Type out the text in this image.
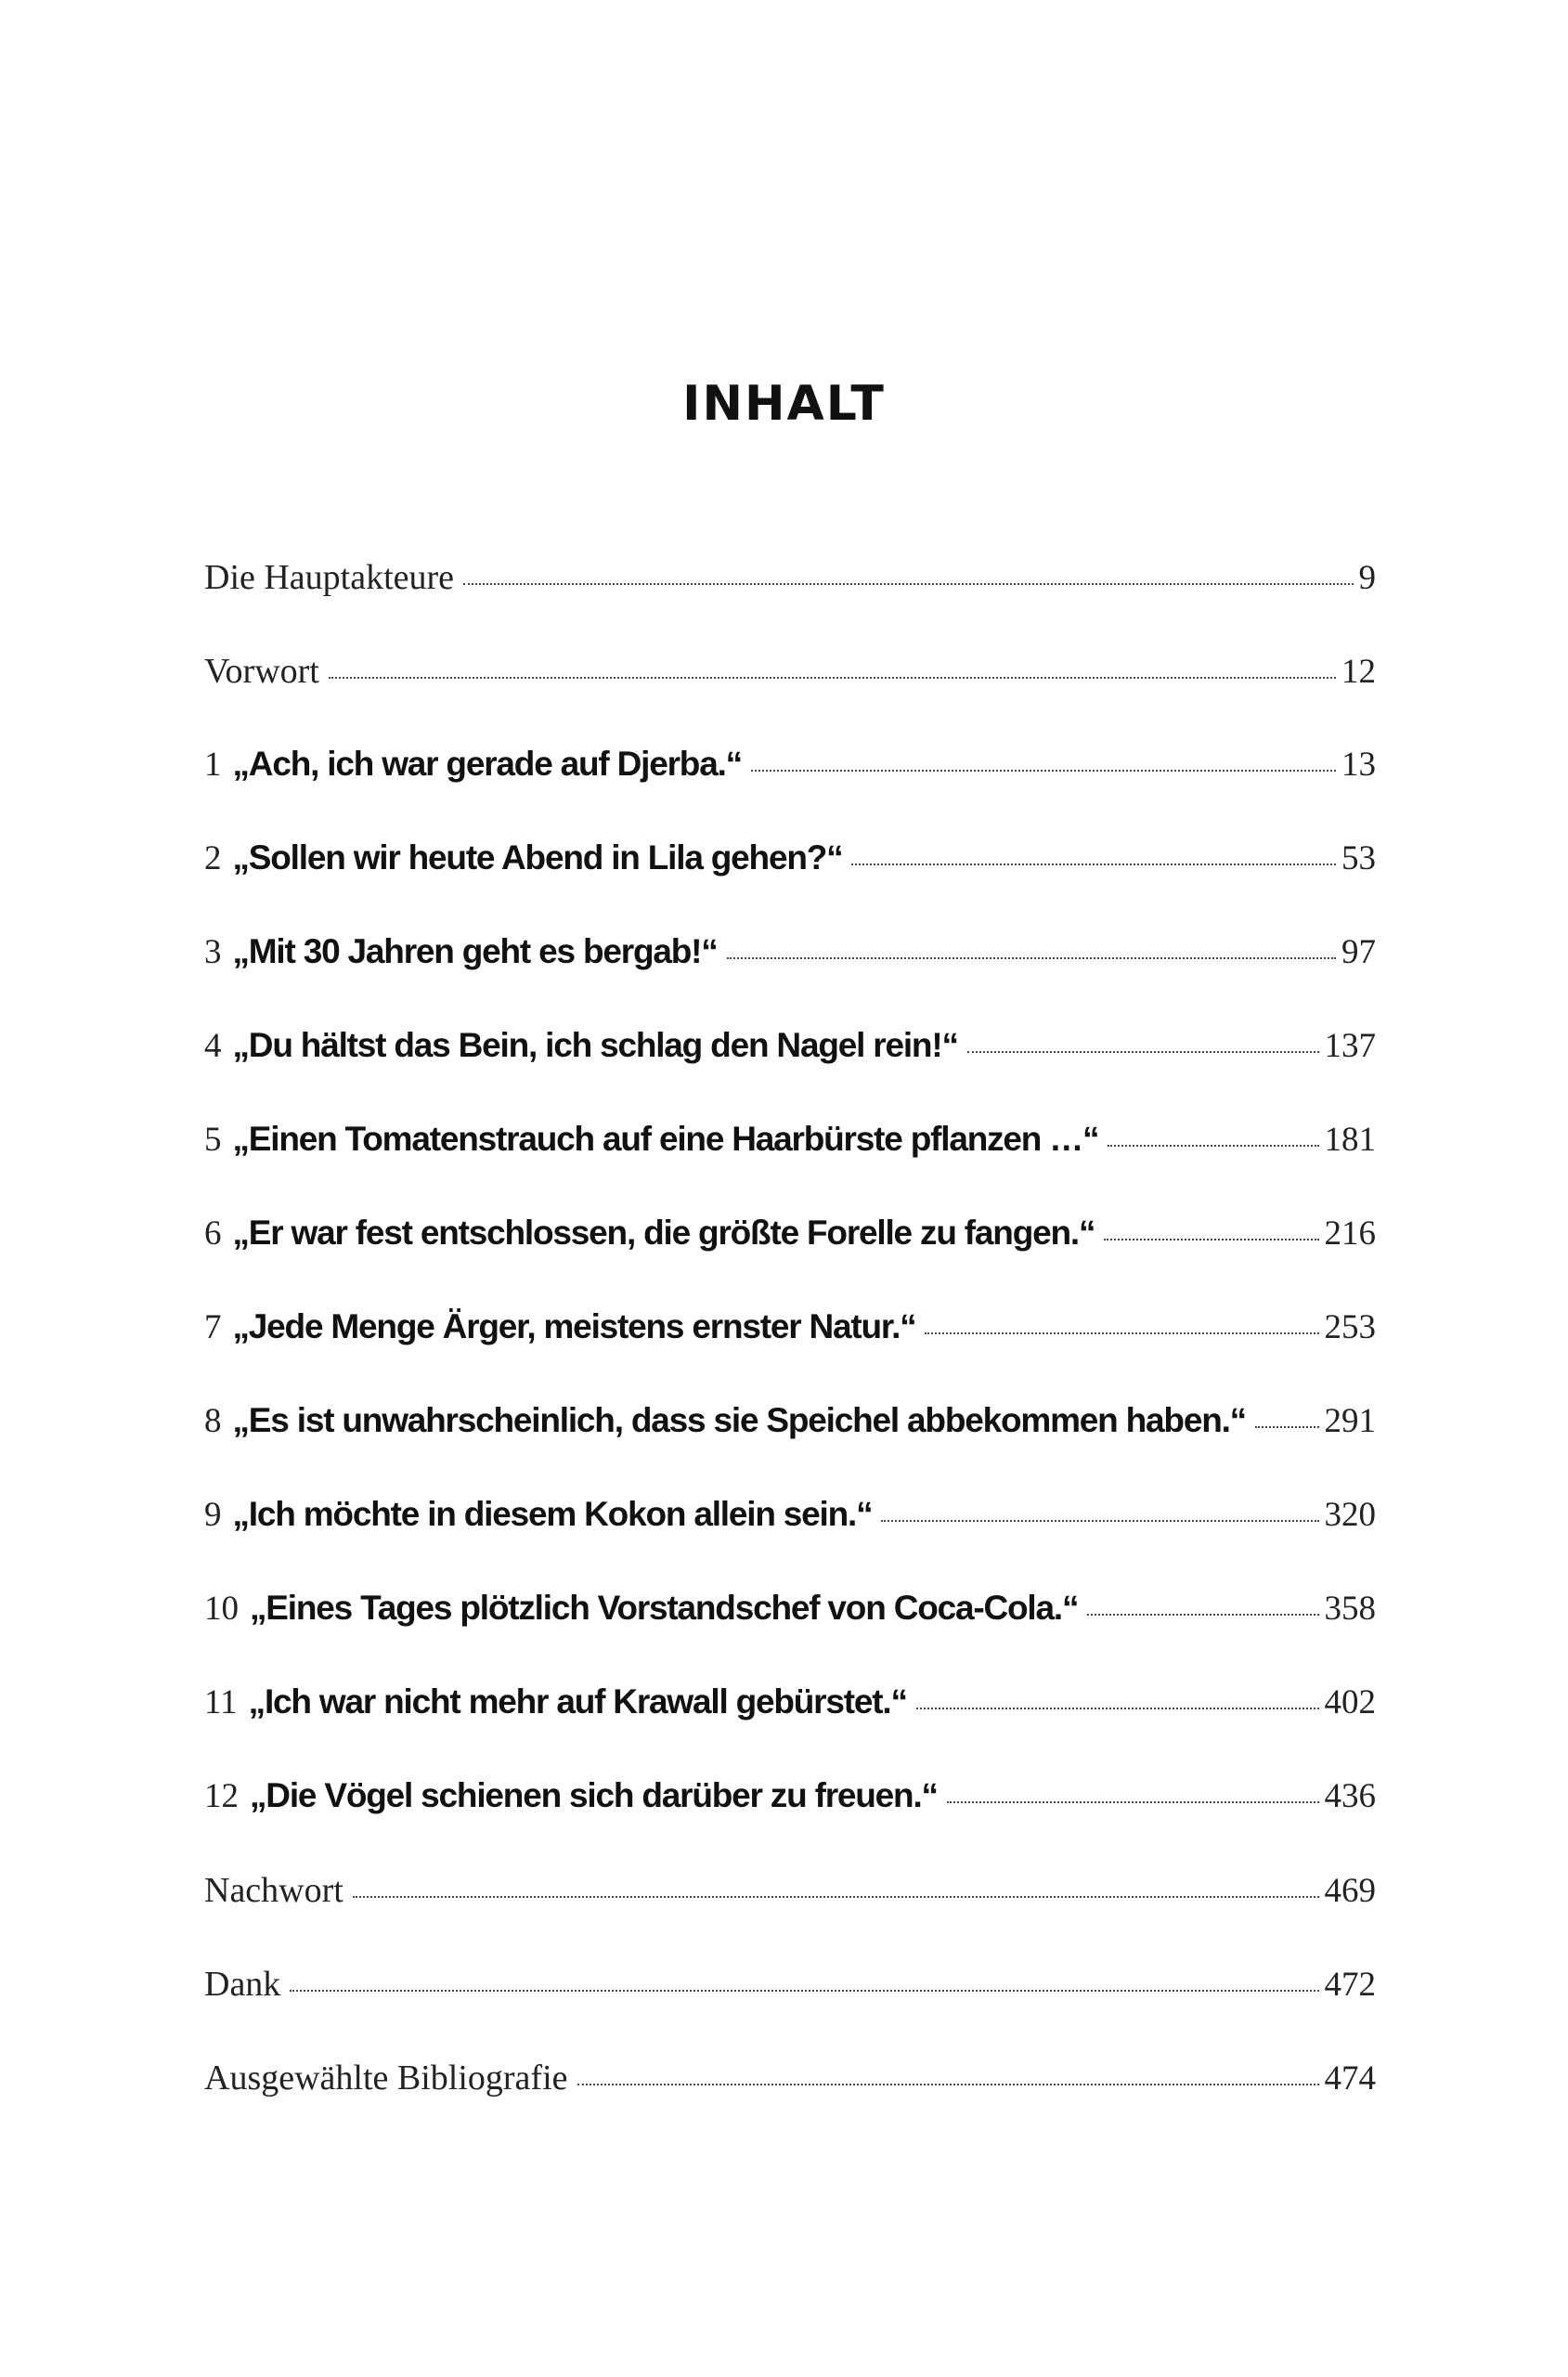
INHALT
Die Hauptakteure	9
Vorwort	12
1 „Ach, ich war gerade auf Djerba.“	13
2 „Sollen wir heute Abend in Lila gehen?“	53
3 „Mit 30 Jahren geht es bergab!“	97
4 „Du hältst das Bein, ich schlag den Nagel rein!“	137
5 „Einen Tomatenstrauch auf eine Haarbürste pflanzen …“	181
6 „Er war fest entschlossen, die größte Forelle zu fangen.“	216
7 „Jede Menge Ärger, meistens ernster Natur.“	253
8 „Es ist unwahrscheinlich, dass sie Speichel abbekommen haben.“ 291
9 „Ich möchte in diesem Kokon allein sein.“	320
10 „Eines Tages plötzlich Vorstandschef von Coca-Cola.“	358
11 „Ich war nicht mehr auf Krawall gebürstet.“	402
12 „Die Vögel schienen sich darüber zu freuen.“	436
Nachwort	469
Dank	472
Ausgewählte Bibliografie	474
